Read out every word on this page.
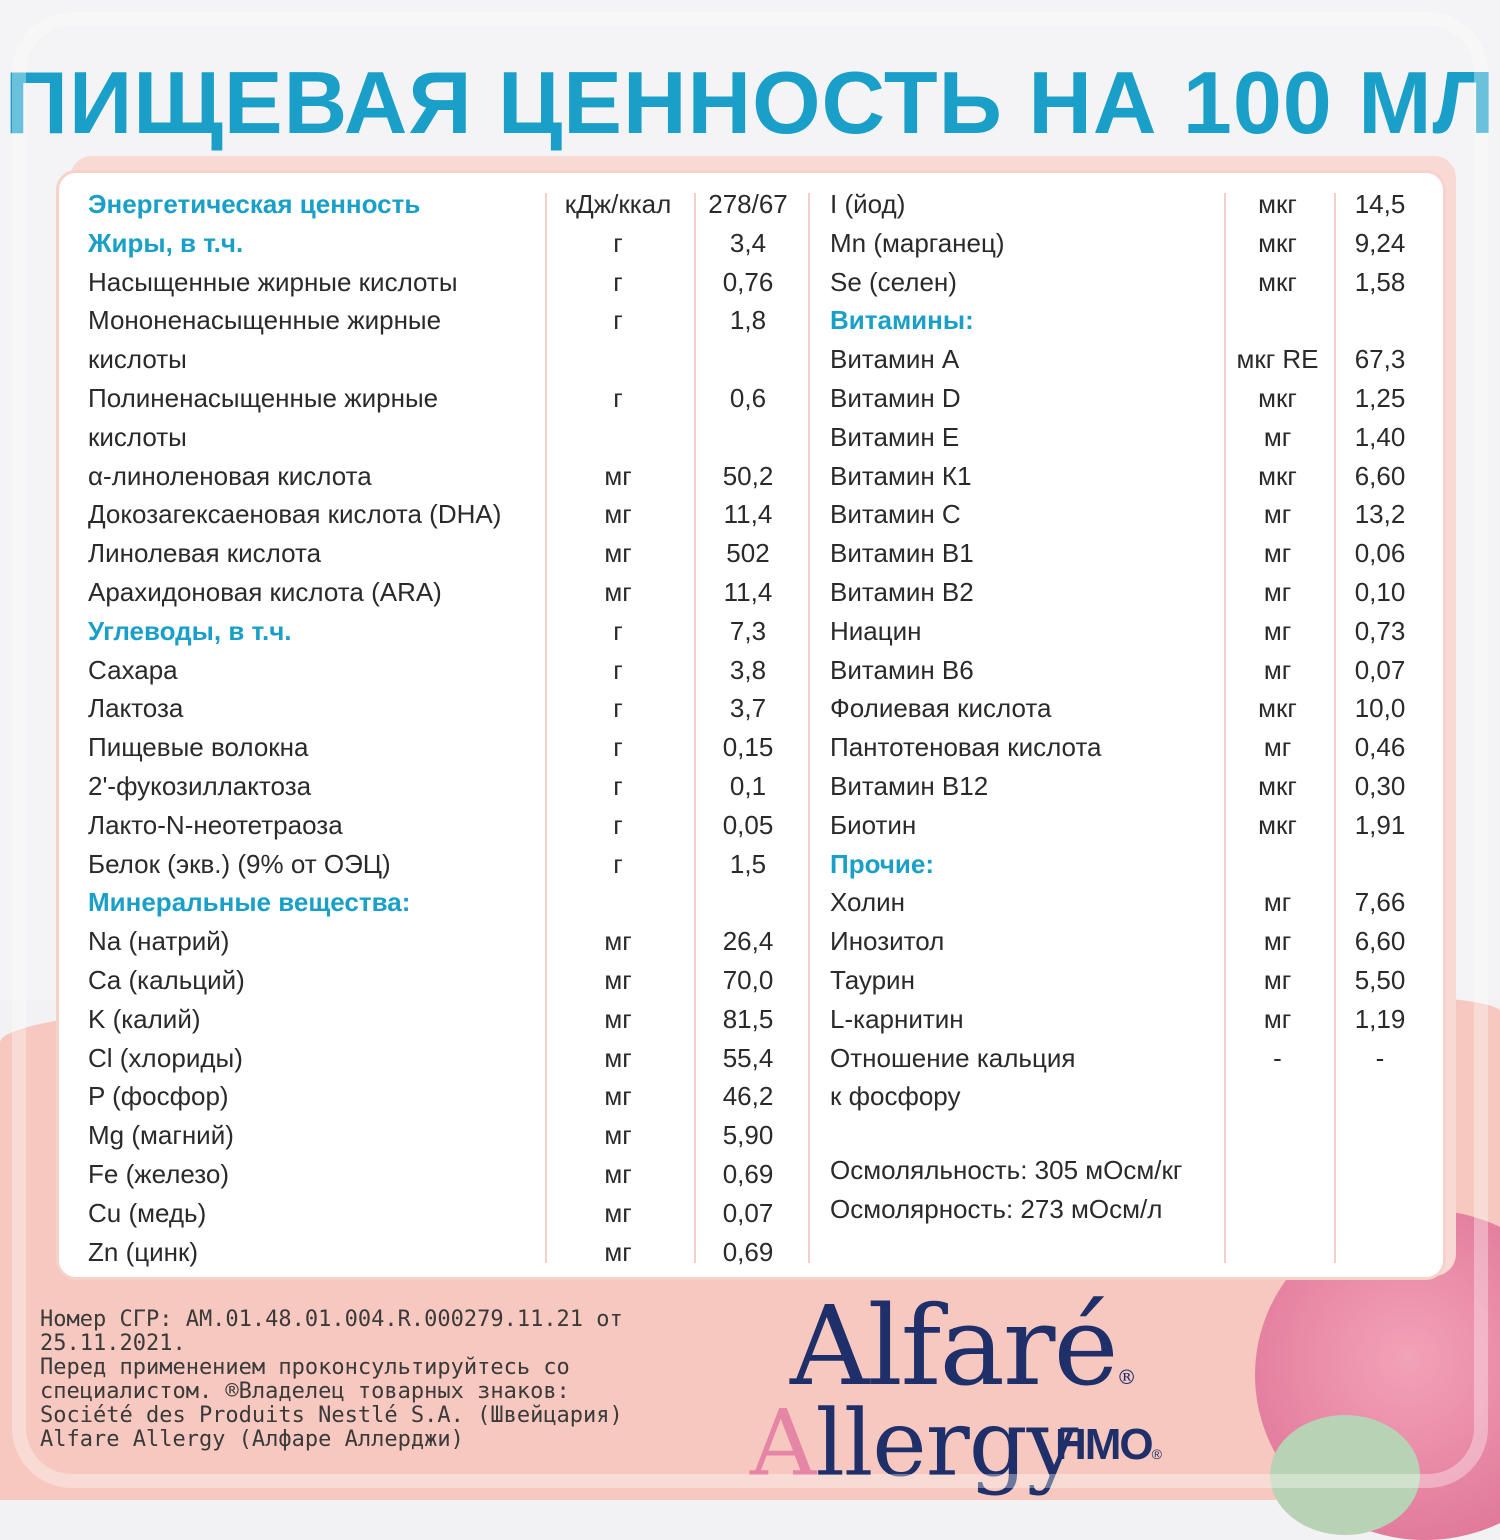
ПИЩЕВАЯ ЦЕННОСТЬ НА 100 МЛ
Энергетическая ценность	кДж/ккал	278/67
Жиры, в т.ч.	г	3,4
Насыщенные жирные кислоты	г	0,76
Мононенасыщенные жирные	г	1,8
кислоты
Полиненасыщенные жирные	г	0,6
кислоты
α-линоленовая кислота	мг	50,2
Докозагексаеновая кислота (DHA)	мг	11,4
Линолевая кислота	мг	502
Арахидоновая кислота (ARA)	мг	11,4
Углеводы, в т.ч.	г	7,3
Сахара	г	3,8
Лактоза	г	3,7
Пищевые волокна	г	0,15
2'-фукозиллактоза	г	0,1
Лакто-N-неотетраоза	г	0,05
Белок (экв.) (9% от ОЭЦ)	г	1,5
Минеральные вещества:
Na (натрий)	мг	26,4
Ca (кальций)	мг	70,0
K (калий)	мг	81,5
Cl (хлориды)	мг	55,4
P (фосфор)	мг	46,2
Mg (магний)	мг	5,90
Fe (железо)	мг	0,69
Cu (медь)	мг	0,07
Zn (цинк)	мг	0,69
I (йод)	мкг	14,5
Mn (марганец)	мкг	9,24
Se (селен)	мкг	1,58
Витамины:
Витамин А	мкг RE	67,3
Витамин D	мкг	1,25
Витамин E	мг	1,40
Витамин К1	мкг	6,60
Витамин С	мг	13,2
Витамин В1	мг	0,06
Витамин В2	мг	0,10
Ниацин	мг	0,73
Витамин В6	мг	0,07
Фолиевая кислота	мкг	10,0
Пантотеновая кислота	мг	0,46
Витамин В12	мкг	0,30
Биотин	мкг	1,91
Прочие:
Холин	мг	7,66
Инозитол	мг	6,60
Таурин	мг	5,50
L-карнитин	мг	1,19
Отношение кальция	-	-
к фосфору
Осмоляльность: 305 мОсм/кг
Осмолярность: 273 мОсм/л
Номер СГР: AM.01.48.01.004.R.000279.11.21 от
25.11.2021.
Перед применением проконсультируйтесь со
специалистом. ®Владелец товарных знаков:
Société des Produits Nestlé S.A. (Швейцария)
Alfare Allergy (Алфаре Аллерджи)
Alfaré®
Allergy
HMO®
